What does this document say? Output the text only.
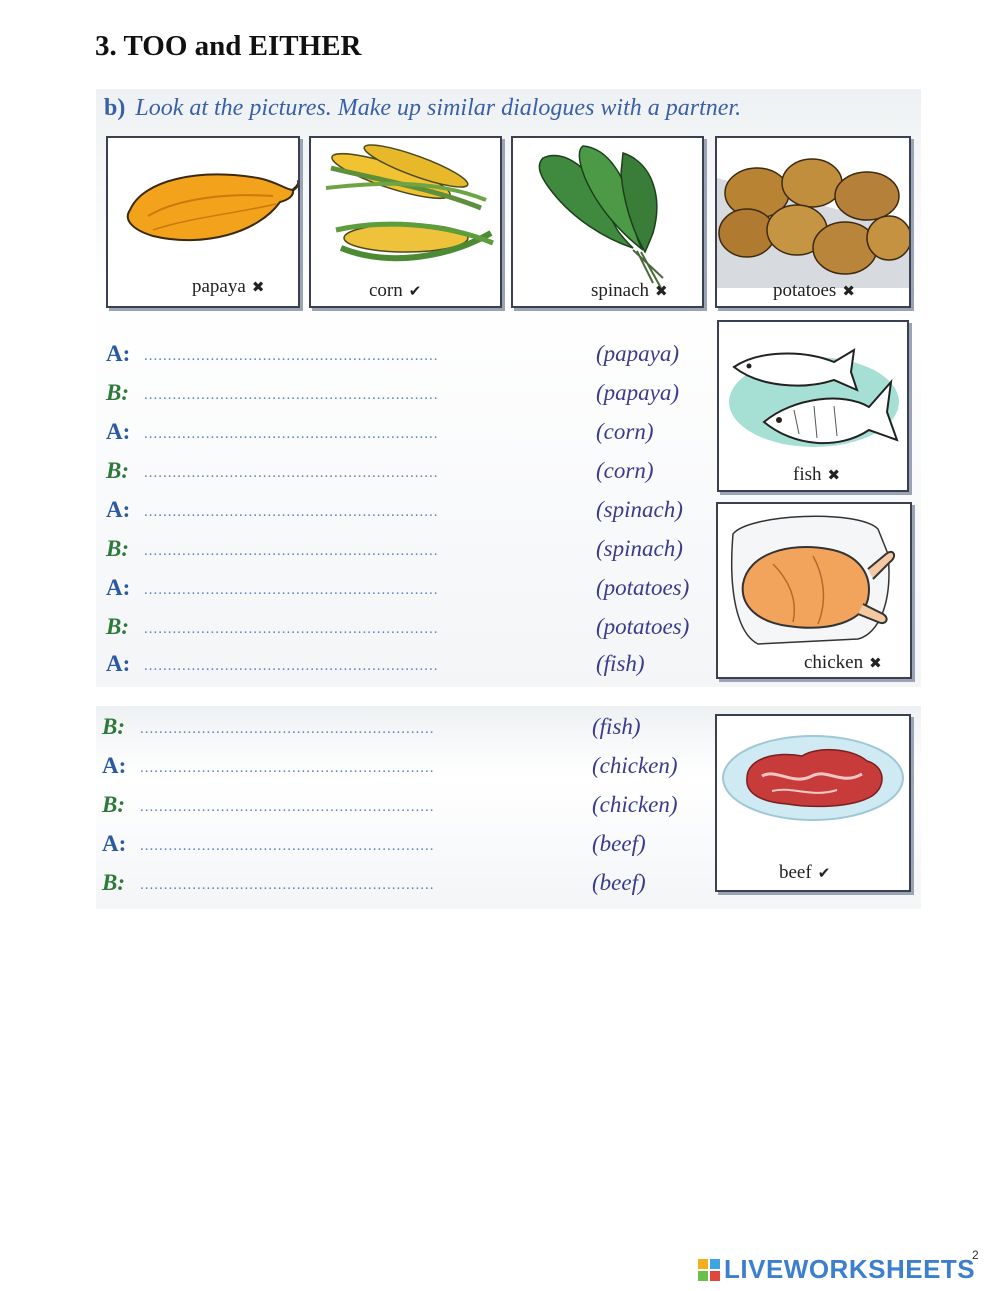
3. TOO and EITHER
b) Look at the pictures. Make up similar dialogues with a partner.
papaya ✖	corn ✔	spinach ✖	potatoes ✖
fish ✖
chicken ✖
A: ..............................................................	(papaya)
B: ..............................................................	(papaya)
A: ..............................................................	(corn)
B: ..............................................................	(corn)
A: ..............................................................	(spinach)
B: ..............................................................	(spinach)
A: ..............................................................	(potatoes)
B: ..............................................................	(potatoes)
A: ..............................................................	(fish)
beef ✔
B: ..............................................................	(fish)
A: ..............................................................	(chicken)
B: ..............................................................	(chicken)
A: ..............................................................	(beef)
B: ..............................................................	(beef)
LIVEWORKSHEETS
2
